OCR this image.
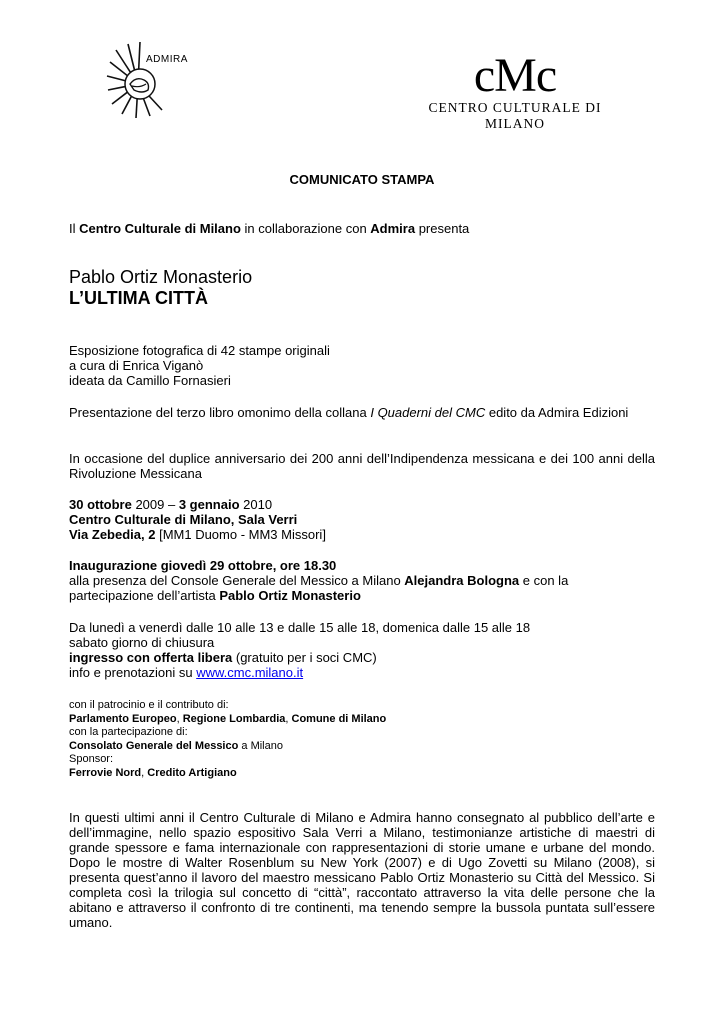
ADMIRA	cMc
CENTRO CULTURALE DI MILANO
COMUNICATO STAMPA
Il Centro Culturale di Milano in collaborazione con Admira presenta
Pablo Ortiz Monasterio
L’ULTIMA CITTÀ
Esposizione fotografica di 42 stampe originali
a cura di Enrica Viganò
ideata da Camillo Fornasieri
Presentazione del terzo libro omonimo della collana I Quaderni del CMC edito da Admira Edizioni
In occasione del duplice anniversario dei 200 anni dell’Indipendenza messicana e dei 100 anni della Rivoluzione Messicana
30 ottobre 2009 – 3 gennaio 2010
Centro Culturale di Milano, Sala Verri
Via Zebedia, 2 [MM1 Duomo - MM3 Missori]
Inaugurazione giovedì 29 ottobre, ore 18.30
alla presenza del Console Generale del Messico a Milano Alejandra Bologna e con la partecipazione dell’artista Pablo Ortiz Monasterio
Da lunedì a venerdì dalle 10 alle 13 e dalle 15 alle 18, domenica dalle 15 alle 18
sabato giorno di chiusura
ingresso con offerta libera (gratuito per i soci CMC)
info e prenotazioni su www.cmc.milano.it
con il patrocinio e il contributo di:
Parlamento Europeo, Regione Lombardia, Comune di Milano
con la partecipazione di:
Consolato Generale del Messico a Milano
Sponsor:
Ferrovie Nord, Credito Artigiano
In questi ultimi anni il Centro Culturale di Milano e Admira hanno consegnato al pubblico dell’arte e dell’immagine, nello spazio espositivo Sala Verri a Milano, testimonianze artistiche di maestri di grande spessore e fama internazionale con rappresentazioni di storie umane e urbane del mondo. Dopo le mostre di Walter Rosenblum su New York (2007) e di Ugo Zovetti su Milano (2008), si presenta quest’anno il lavoro del maestro messicano Pablo Ortiz Monasterio su Città del Messico. Si completa così la trilogia sul concetto di “città”, raccontato attraverso la vita delle persone che la abitano e attraverso il confronto di tre continenti, ma tenendo sempre la bussola puntata sull’essere umano.
